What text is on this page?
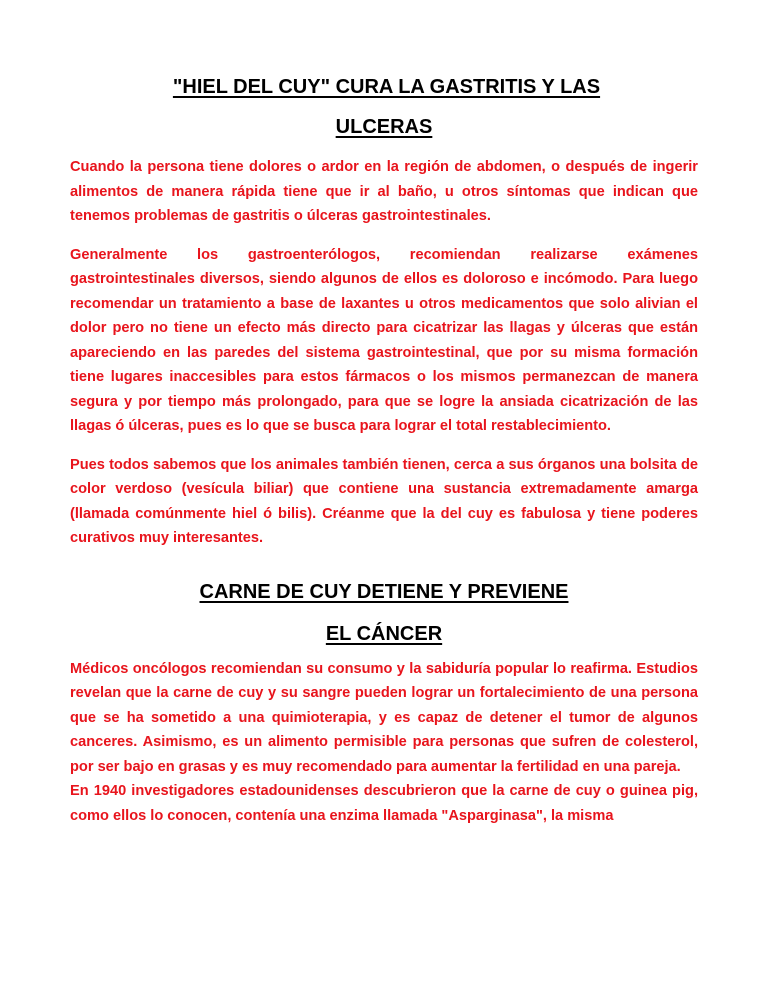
"HIEL DEL CUY" CURA LA GASTRITIS Y LAS
ULCERAS

Cuando la persona tiene dolores o ardor en la región de abdomen, o después de ingerir alimentos de manera rápida tiene que ir al baño, u otros síntomas que indican que tenemos problemas de gastritis o úlceras gastrointestinales.

Generalmente los gastroenterólogos, recomiendan realizarse exámenes gastrointestinales diversos, siendo algunos de ellos es doloroso e incómodo. Para luego recomendar un tratamiento a base de laxantes u otros medicamentos que solo alivian el dolor pero no tiene un efecto más directo para cicatrizar las llagas y úlceras que están apareciendo en las paredes del sistema gastrointestinal, que por su misma formación tiene lugares inaccesibles para estos fármacos o los mismos permanezcan de manera segura y por tiempo más prolongado, para que se logre la ansiada cicatrización de las llagas ó úlceras, pues es lo que se busca para lograr el total restablecimiento.

Pues todos sabemos que los animales también tienen, cerca a sus órganos una bolsita de color verdoso (vesícula biliar) que contiene una sustancia extremadamente amarga (llamada comúnmente hiel ó bilis). Créanme que la del cuy es fabulosa y tiene poderes curativos muy interesantes.

CARNE DE CUY DETIENE Y PREVIENE
EL CÁNCER

Médicos oncólogos recomiendan su consumo y la sabiduría popular lo reafirma. Estudios revelan que la carne de cuy y su sangre pueden lograr un fortalecimiento de una persona que se ha sometido a una quimioterapia, y es capaz de detener el tumor de algunos canceres. Asimismo, es un alimento permisible para personas que sufren de colesterol, por ser bajo en grasas y es muy recomendado para aumentar la fertilidad en una pareja.

En 1940 investigadores estadounidenses descubrieron que la carne de cuy o guinea pig, como ellos lo conocen, contenía una enzima llamada "Asparginasa", la misma
